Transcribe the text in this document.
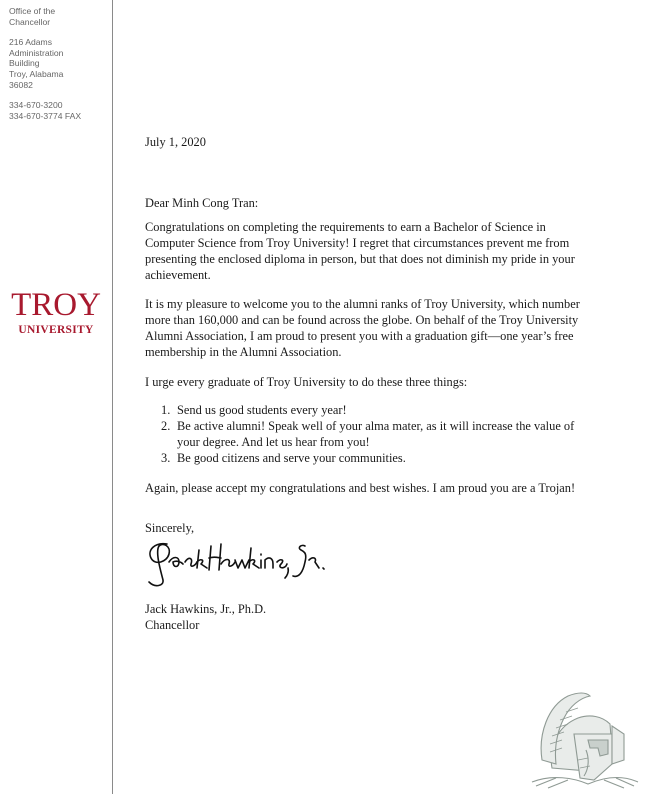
Office of the
Chancellor
216 Adams
Administration
Building
Troy, Alabama
36082
334-670-3200
334-670-3774 FAX
TROY
UNIVERSITY
July 1, 2020
Dear Minh Cong Tran:
Congratulations on completing the requirements to earn a Bachelor of Science in Computer Science from Troy University! I regret that circumstances prevent me from presenting the enclosed diploma in person, but that does not diminish my pride in your achievement.
It is my pleasure to welcome you to the alumni ranks of Troy University, which number more than 160,000 and can be found across the globe. On behalf of the Troy University Alumni Association, I am proud to present you with a graduation gift—one year’s free membership in the Alumni Association.
I urge every graduate of Troy University to do these three things:
1. Send us good students every year!
2. Be active alumni! Speak well of your alma mater, as it will increase the value of your degree. And let us hear from you!
3. Be good citizens and serve your communities.
Again, please accept my congratulations and best wishes. I am proud you are a Trojan!
Sincerely,
Jack Hawkins, Jr., Ph.D.
Chancellor
